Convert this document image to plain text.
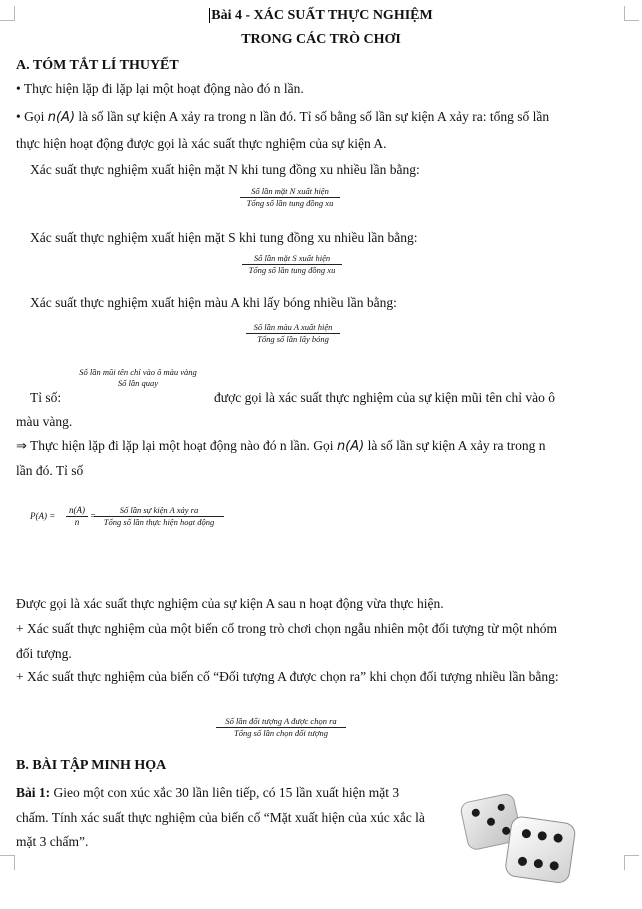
Bài 4 - XÁC SUẤT THỰC NGHIỆM
TRONG CÁC TRÒ CHƠI
A. TÓM TẮT LÍ THUYẾT
• Thực hiện lặp đi lặp lại một hoạt động nào đó n lần.
• Gọi n(A) là số lần sự kiện A xảy ra trong n lần đó. Tỉ số bằng số lần sự kiện A xảy ra: tổng số lần
thực hiện hoạt động được gọi là xác suất thực nghiệm của sự kiện A.
Xác suất thực nghiệm xuất hiện mặt N khi tung đồng xu nhiều lần bằng:
Số lần mặt N xuất hiện
Tổng số lần tung đồng xu
Xác suất thực nghiệm xuất hiện mặt S khi tung đồng xu nhiều lần bằng:
Số lần mặt S xuất hiện
Tổng số lần tung đồng xu
Xác suất thực nghiệm xuất hiện màu A khi lấy bóng nhiều lần bằng:
Số lần màu A xuất hiện
Tổng số lần lấy bóng
Số lần mũi tên chỉ vào ô màu vàng
Số lần quay
Tỉ số:	được gọi là xác suất thực nghiệm của sự kiện mũi tên chỉ vào ô
màu vàng.
⇒ Thực hiện lặp đi lặp lại một hoạt động nào đó n lần. Gọi n(A) là số lần sự kiện A xảy ra trong n
lần đó. Tỉ số
$P(A) = \frac{n(A)}{n}$ =
Số lần sự kiện A xảy ra
Tổng số lần thực hiện hoạt động
Được gọi là xác suất thực nghiệm của sự kiện A sau n hoạt động vừa thực hiện.
+ Xác suất thực nghiệm của một biến cố trong trò chơi chọn ngẫu nhiên một đối tượng từ một nhóm
đối tượng.
+ Xác suất thực nghiệm của biến cố “Đối tượng A được chọn ra” khi chọn đối tượng nhiều lần bằng:
Số lần đối tượng A được chọn ra
Tổng số lần chọn đối tượng
B. BÀI TẬP MINH HỌA
Bài 1: Gieo một con xúc xắc 30 lần liên tiếp, có 15 lần xuất hiện mặt 3
chấm. Tính xác suất thực nghiệm của biến cố “Mặt xuất hiện của xúc xắc là
mặt 3 chấm”.
